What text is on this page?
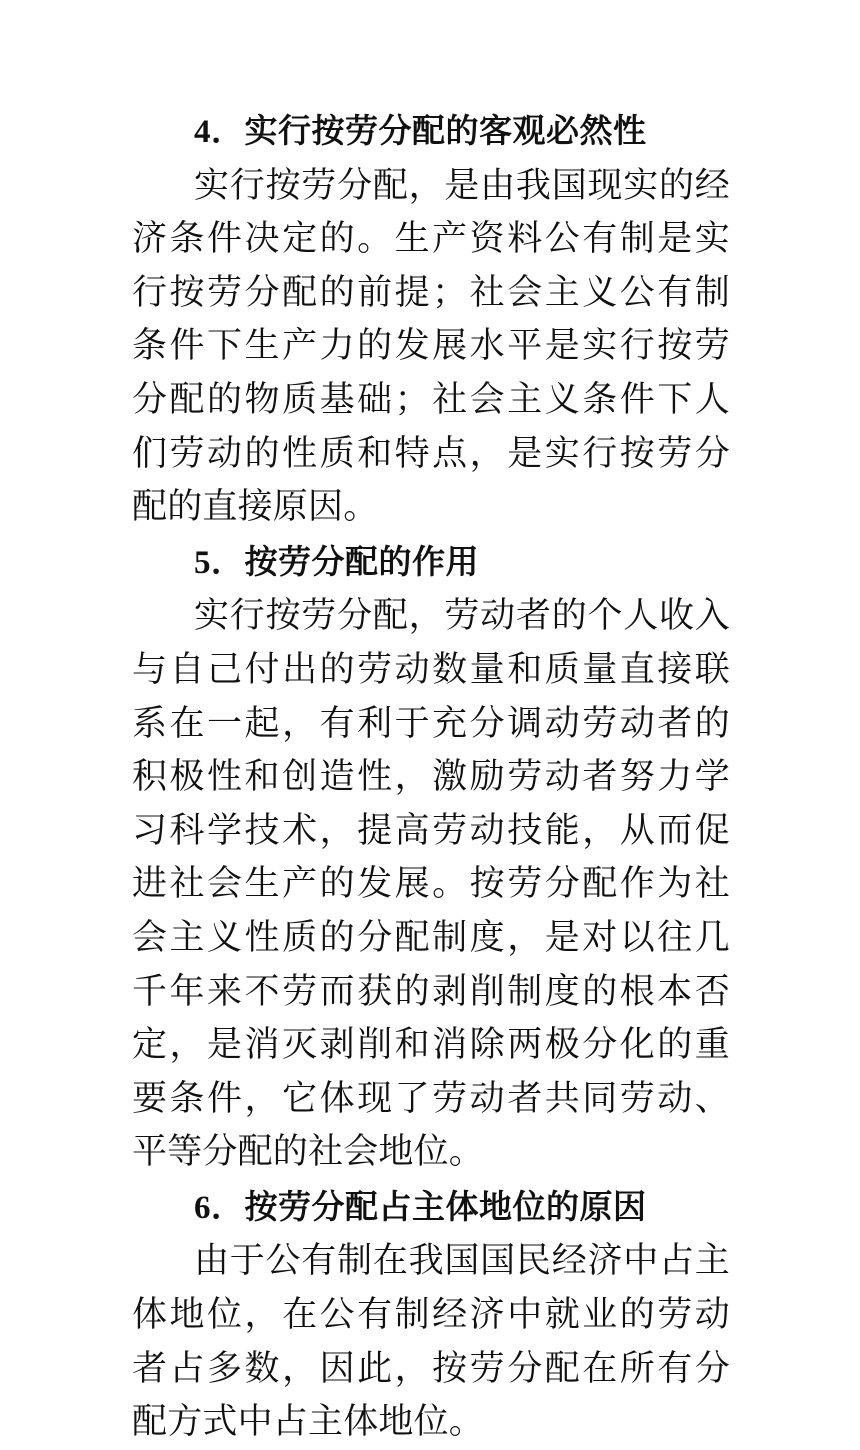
4．实行按劳分配的客观必然性

实行按劳分配，是由我国现实的经济条件决定的。生产资料公有制是实行按劳分配的前提；社会主义公有制条件下生产力的发展水平是实行按劳分配的物质基础；社会主义条件下人们劳动的性质和特点，是实行按劳分配的直接原因。

5．按劳分配的作用

实行按劳分配，劳动者的个人收入与自己付出的劳动数量和质量直接联系在一起，有利于充分调动劳动者的积极性和创造性，激励劳动者努力学习科学技术，提高劳动技能，从而促进社会生产的发展。按劳分配作为社会主义性质的分配制度，是对以往几千年来不劳而获的剥削制度的根本否定，是消灭剥削和消除两极分化的重要条件，它体现了劳动者共同劳动、平等分配的社会地位。

6．按劳分配占主体地位的原因

由于公有制在我国国民经济中占主体地位，在公有制经济中就业的劳动者占多数，因此，按劳分配在所有分配方式中占主体地位。
